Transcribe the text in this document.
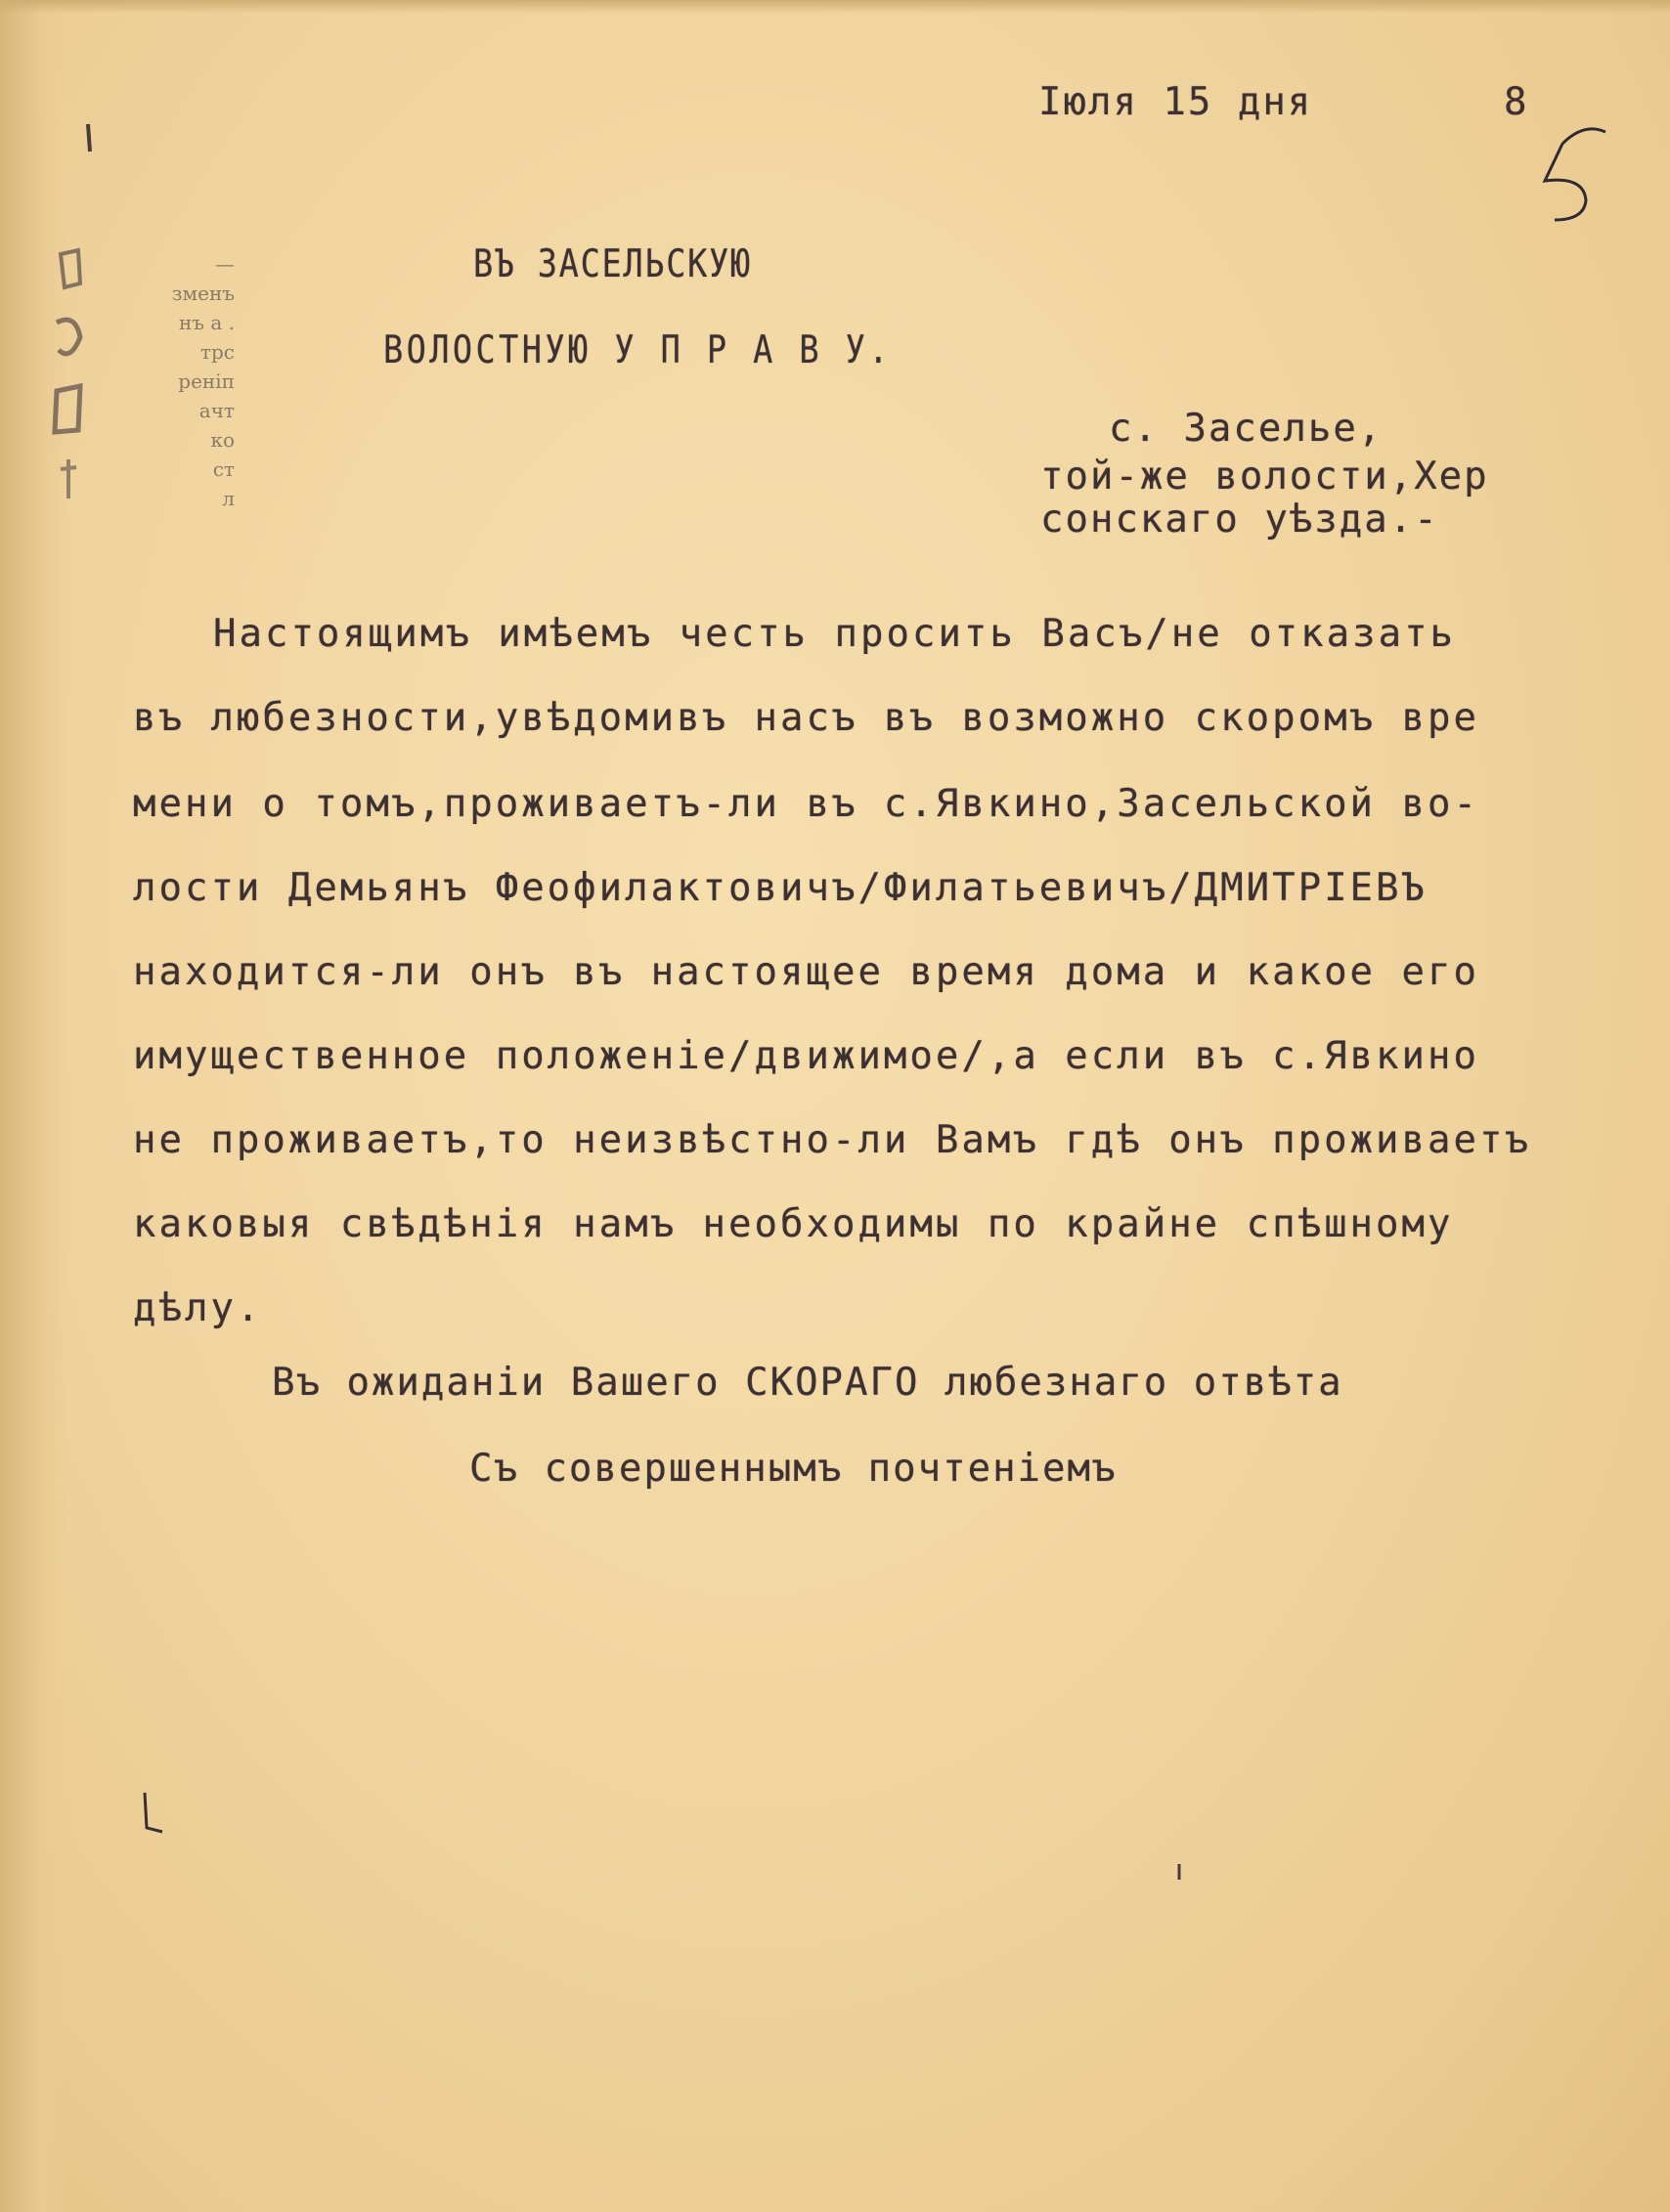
—
зменъ
нъ а .
трс
реніп
ачт
ко
ст
л
Іюля 15 дня	8
ВЪ ЗАСЕЛЬСКУЮ
ВОЛОСТНУЮ У П Р А В У.
с. Заселье,
той-же волости,Хер
сонскаго уѣзда.-
Настоящимъ имѣемъ честь просить Васъ/не отказать
въ любезности,увѣдомивъ насъ въ возможно скоромъ вре
мени о томъ,проживаетъ-ли въ с.Явкино,Засельской во-
лости Демьянъ Феофилактовичъ/Филатьевичъ/ДМИТРІЕВЪ
находится-ли онъ въ настоящее время дома и какое его
имущественное положеніе/движимое/,а если въ с.Явкино
не проживаетъ,то неизвѣстно-ли Вамъ гдѣ онъ проживаетъ
каковыя свѣдѣнія намъ необходимы по крайне спѣшному
дѣлу.
Въ ожиданіи Вашего СКОРАГО любезнаго отвѣта
Съ совершеннымъ почтеніемъ
